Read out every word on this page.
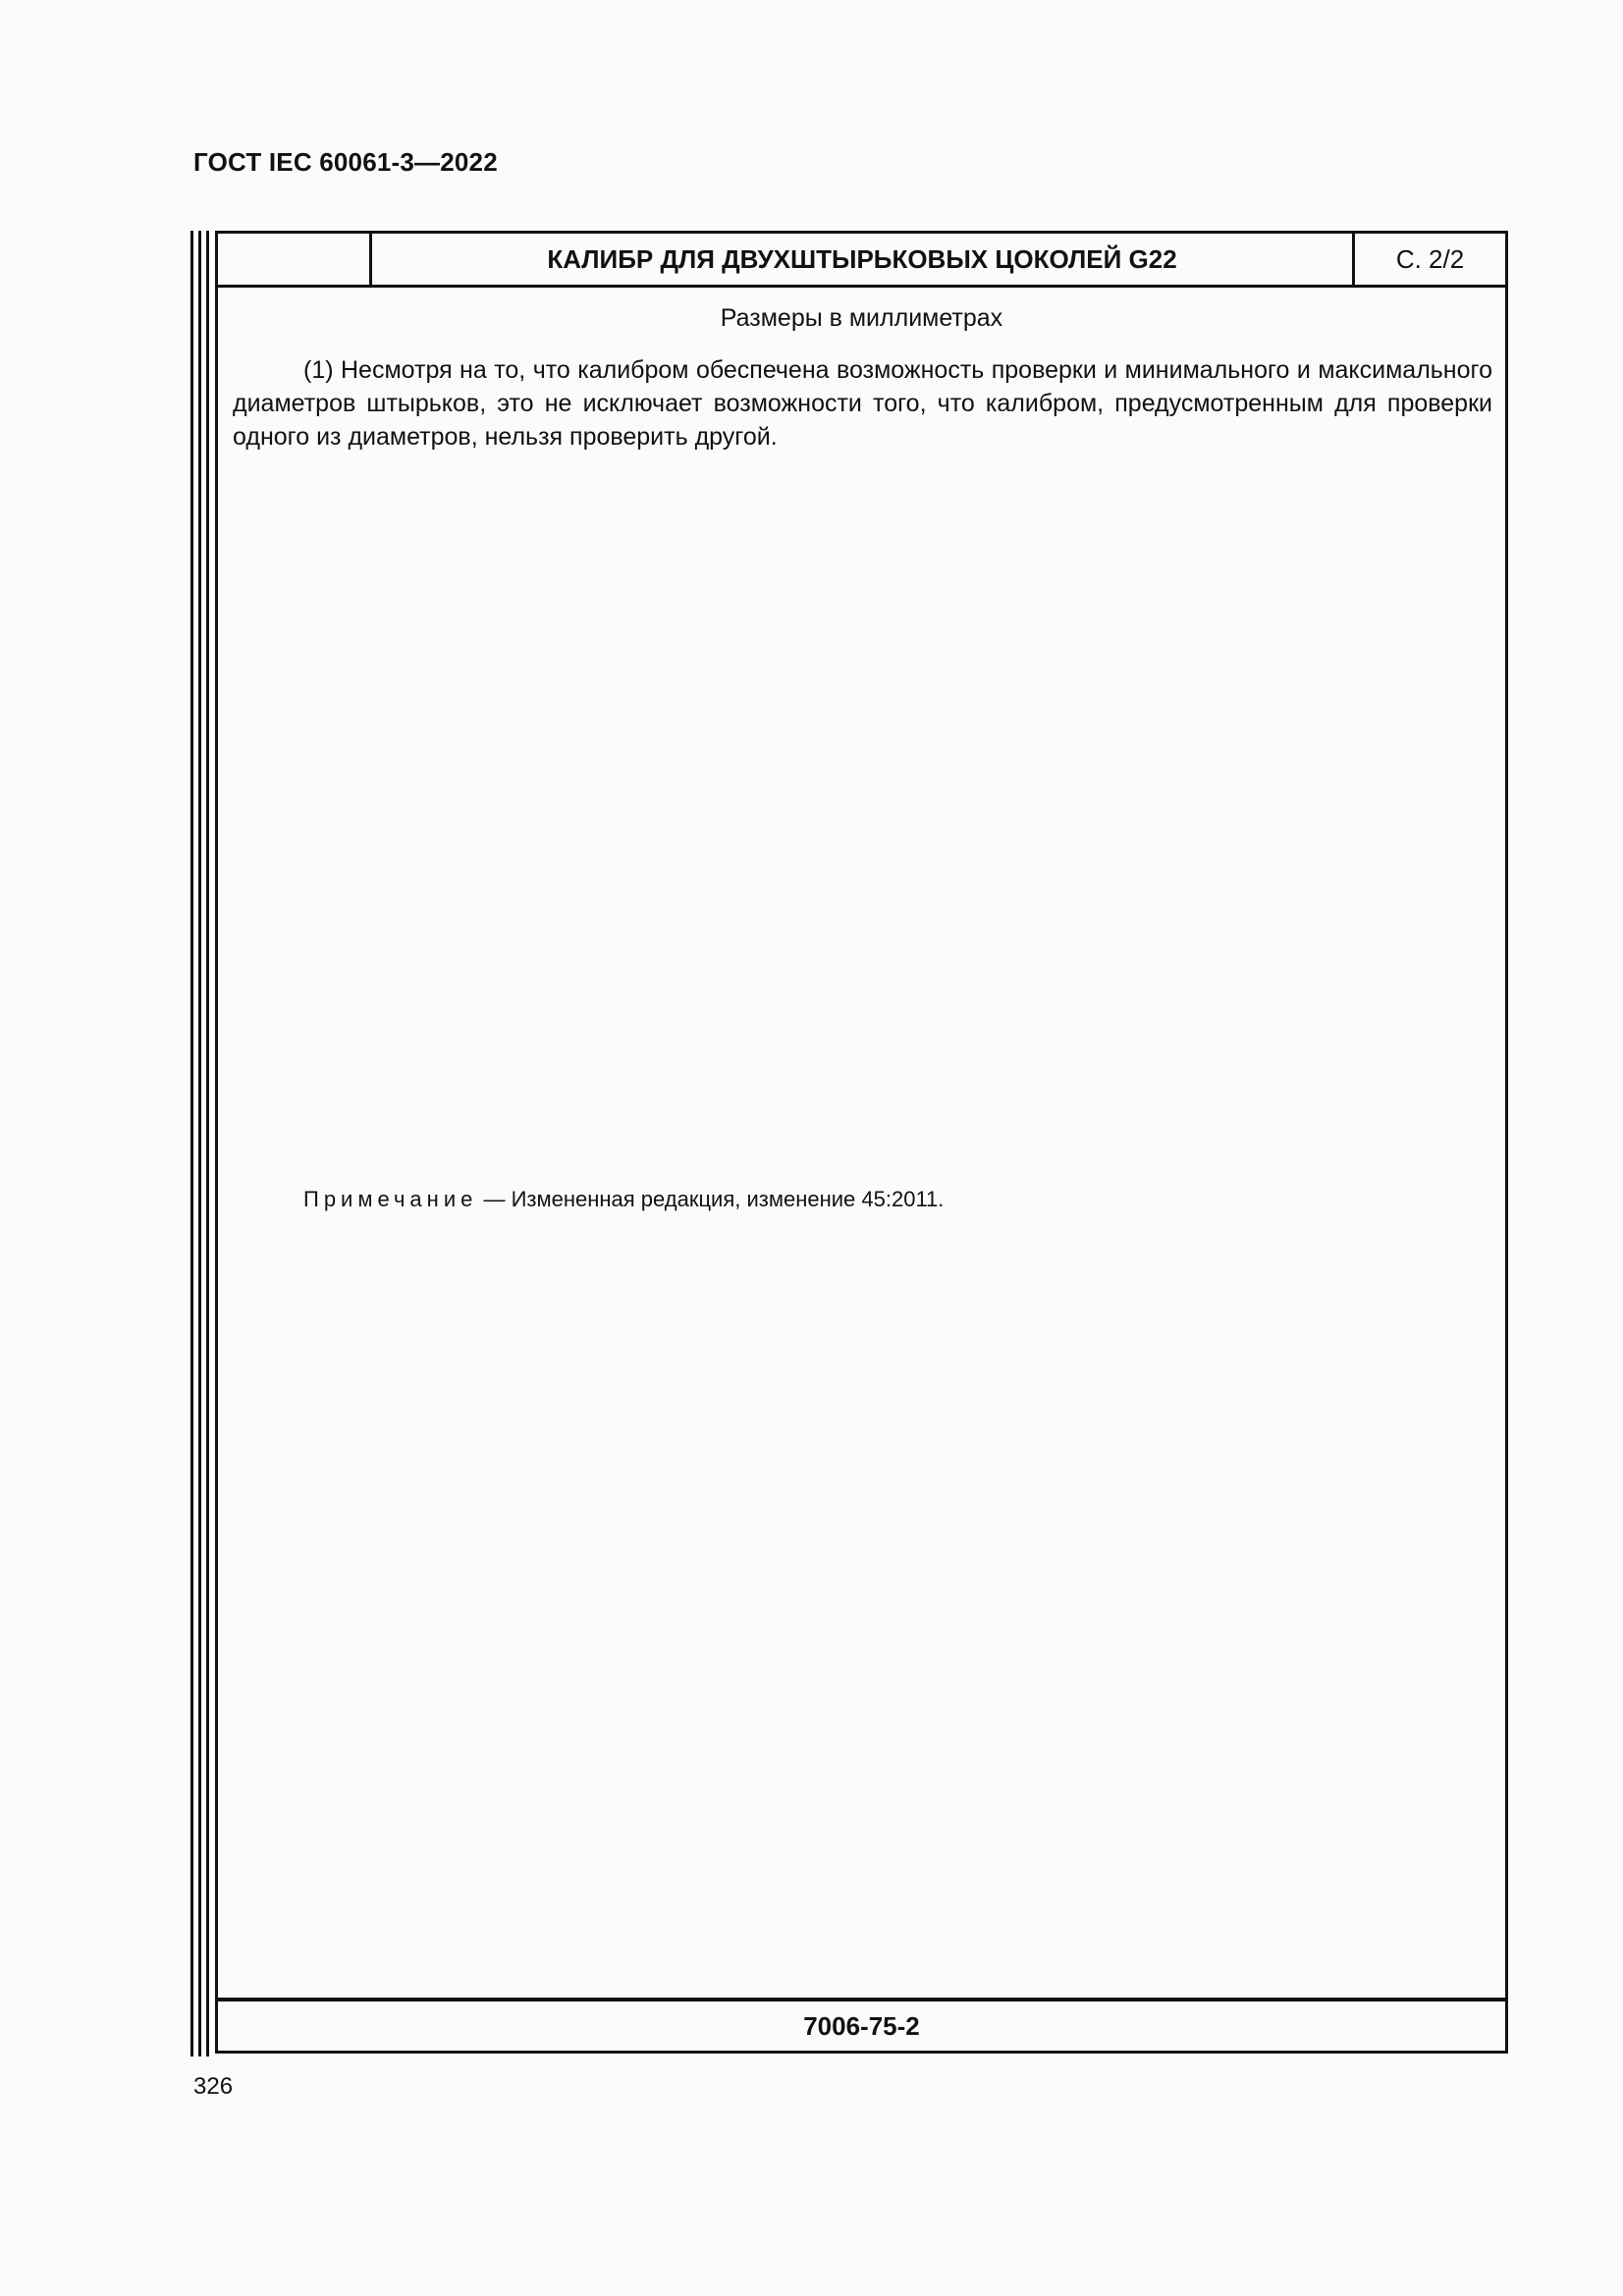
ГОСТ IEC 60061-3—2022
КАЛИБР ДЛЯ ДВУХШТЫРЬКОВЫХ ЦОКОЛЕЙ G22	С. 2/2
Размеры в миллиметрах

(1) Несмотря на то, что калибром обеспечена возможность проверки и минимального и максимального диаметров штырьков, это не исключает возможности того, что калибром, предусмотренным для проверки одного из диаметров, нельзя проверить другой.

Примечание — Измененная редакция, изменение 45:2011.
7006-75-2
326
